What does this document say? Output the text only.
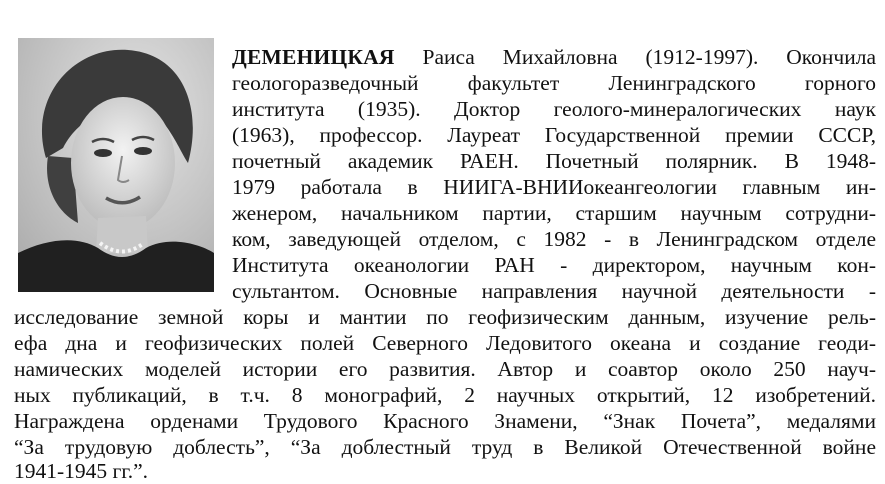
ДЕМЕНИЦКАЯ Раиса Михайловна (1912-1997). Окончила
геологоразведочный факультет Ленинградского горного
института (1935). Доктор геолого-минералогических наук
(1963), профессор. Лауреат Государственной премии СССР,
почетный академик РАЕН. Почетный полярник. В 1948-
1979 работала в НИИГА-ВНИИокеангеологии главным ин-
женером, начальником партии, старшим научным сотрудни-
ком, заведующей отделом, с 1982 - в Ленинградском отделе
Института океанологии РАН - директором, научным кон-
сультантом. Основные направления научной деятельности -
исследование земной коры и мантии по геофизическим данным, изучение рель-
ефа дна и геофизических полей Северного Ледовитого океана и создание геоди-
намических моделей истории его развития. Автор и соавтор около 250 науч-
ных публикаций, в т.ч. 8 монографий, 2 научных открытий, 12 изобретений.
Награждена орденами Трудового Красного Знамени, “Знак Почета”, медалями
“За трудовую доблесть”, “За доблестный труд в Великой Отечественной войне
1941-1945 гг.”.
